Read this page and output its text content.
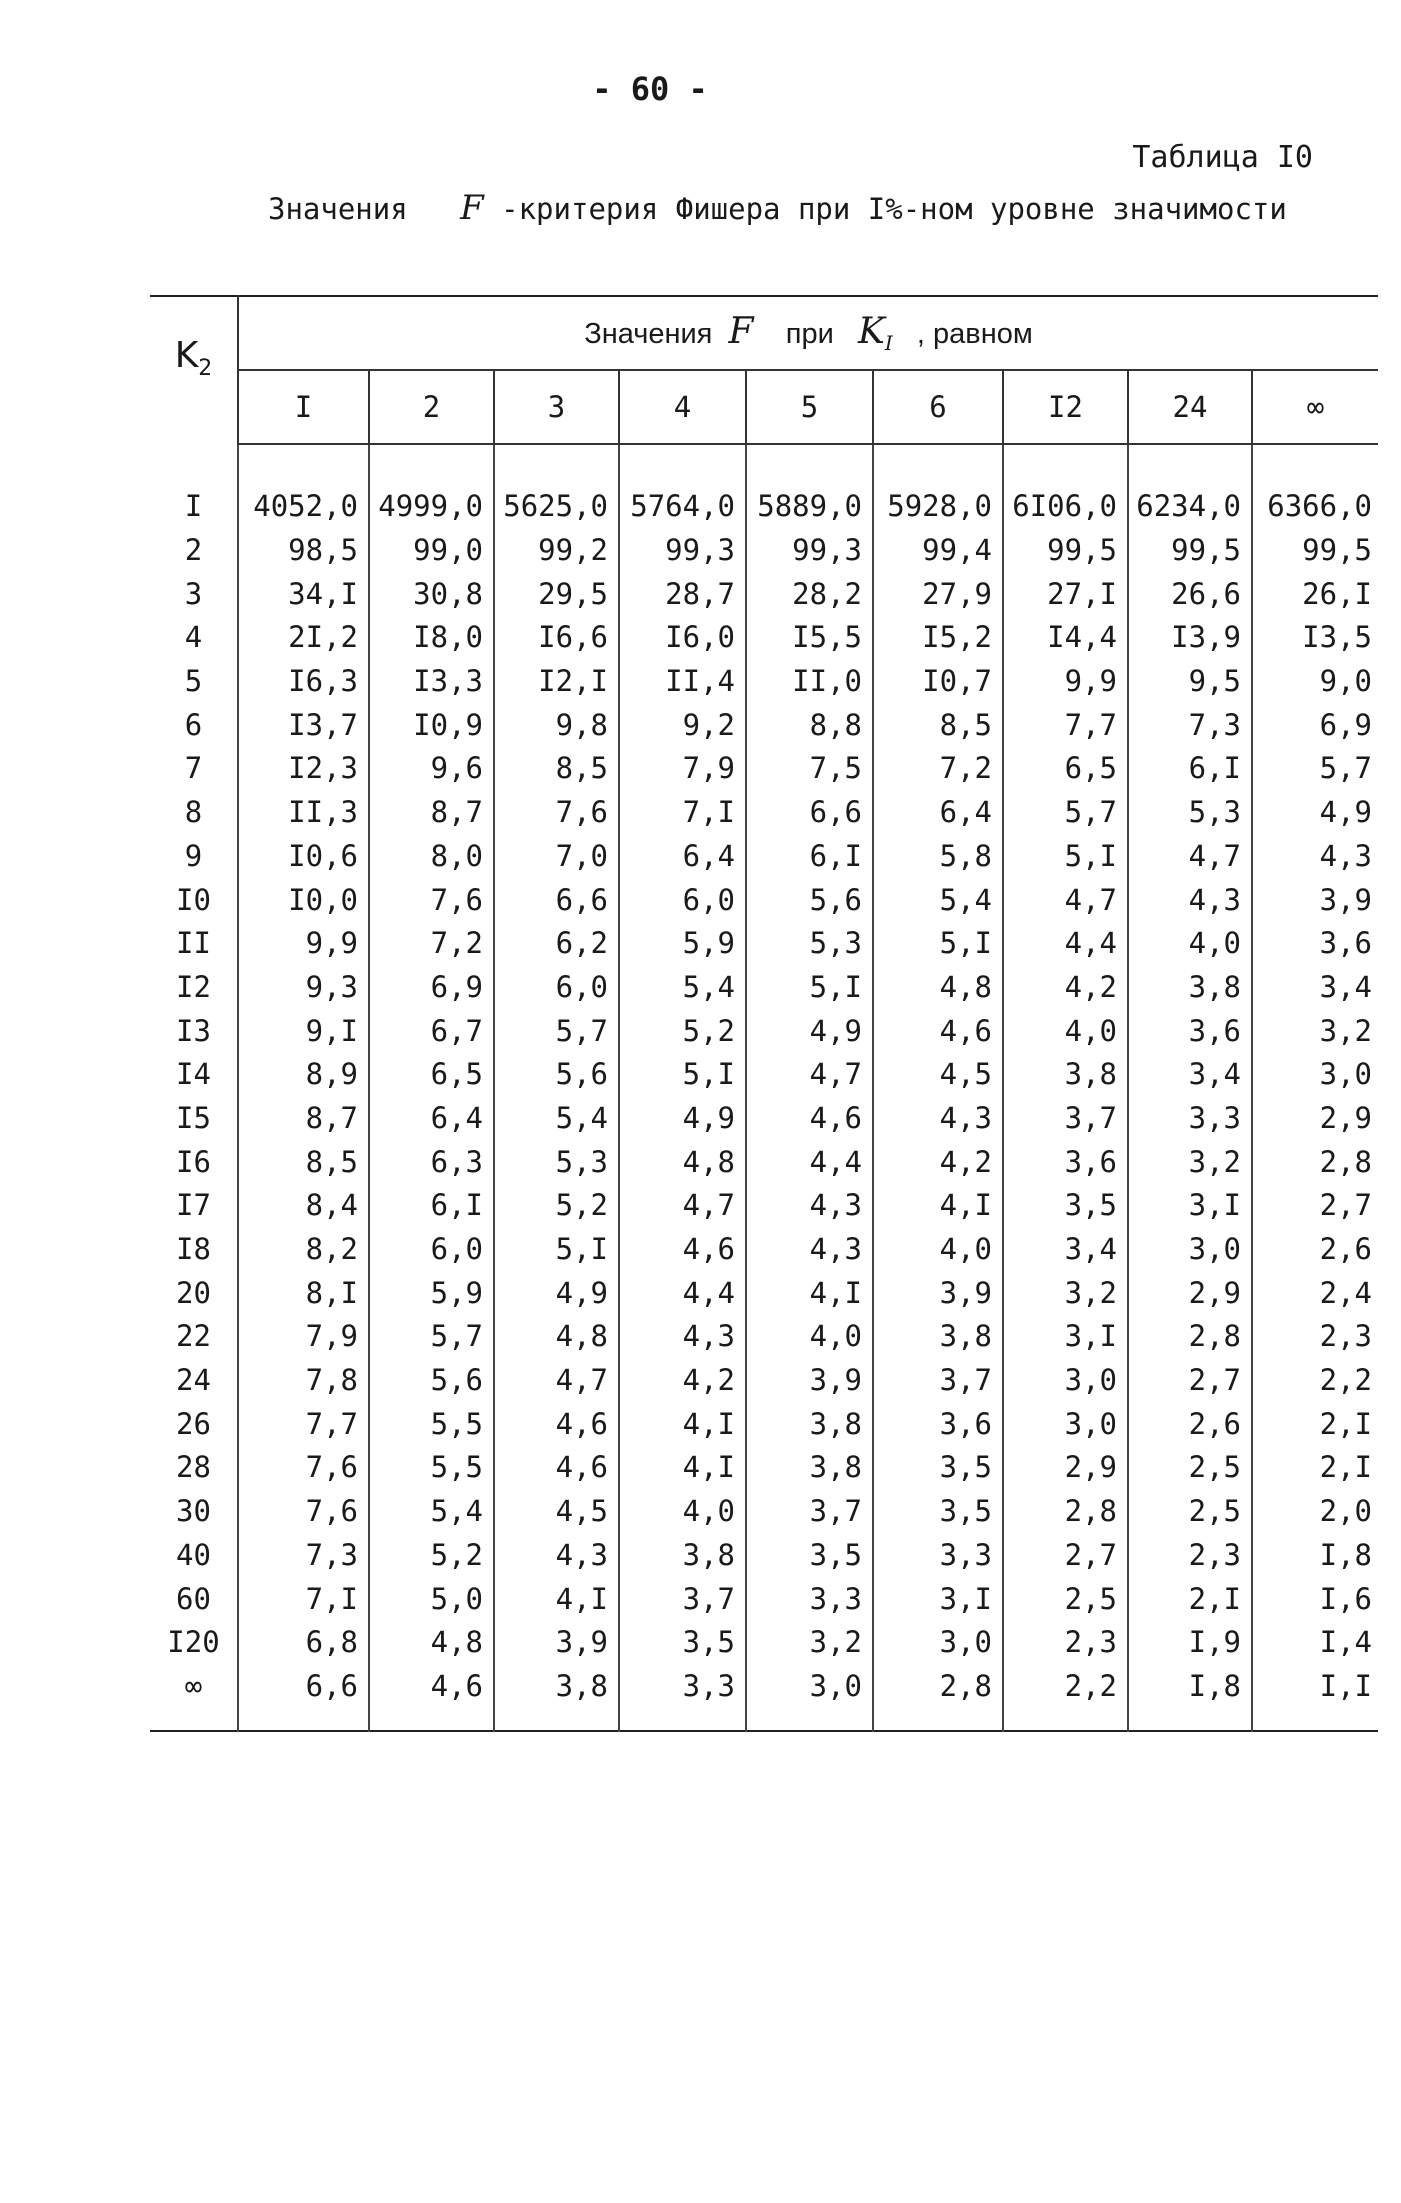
- 60 -
Таблица I0
Значения F -критерия Фишера при I%-ном уровне значимости
$K_2$	Значения F при $K_I$ , равном								
	I	2	3	4	5	6	I2	24	∞

I	4052,0	4999,0	5625,0	5764,0	5889,0	5928,0	6I06,0	6234,0	6366,0
2	98,5	99,0	99,2	99,3	99,3	99,4	99,5	99,5	99,5
3	34,I	30,8	29,5	28,7	28,2	27,9	27,I	26,6	26,I
4	2I,2	I8,0	I6,6	I6,0	I5,5	I5,2	I4,4	I3,9	I3,5
5	I6,3	I3,3	I2,I	II,4	II,0	I0,7	9,9	9,5	9,0
6	I3,7	I0,9	9,8	9,2	8,8	8,5	7,7	7,3	6,9
7	I2,3	9,6	8,5	7,9	7,5	7,2	6,5	6,I	5,7
8	II,3	8,7	7,6	7,I	6,6	6,4	5,7	5,3	4,9
9	I0,6	8,0	7,0	6,4	6,I	5,8	5,I	4,7	4,3
I0	I0,0	7,6	6,6	6,0	5,6	5,4	4,7	4,3	3,9
II	9,9	7,2	6,2	5,9	5,3	5,I	4,4	4,0	3,6
I2	9,3	6,9	6,0	5,4	5,I	4,8	4,2	3,8	3,4
I3	9,I	6,7	5,7	5,2	4,9	4,6	4,0	3,6	3,2
I4	8,9	6,5	5,6	5,I	4,7	4,5	3,8	3,4	3,0
I5	8,7	6,4	5,4	4,9	4,6	4,3	3,7	3,3	2,9
I6	8,5	6,3	5,3	4,8	4,4	4,2	3,6	3,2	2,8
I7	8,4	6,I	5,2	4,7	4,3	4,I	3,5	3,I	2,7
I8	8,2	6,0	5,I	4,6	4,3	4,0	3,4	3,0	2,6
20	8,I	5,9	4,9	4,4	4,I	3,9	3,2	2,9	2,4
22	7,9	5,7	4,8	4,3	4,0	3,8	3,I	2,8	2,3
24	7,8	5,6	4,7	4,2	3,9	3,7	3,0	2,7	2,2
26	7,7	5,5	4,6	4,I	3,8	3,6	3,0	2,6	2,I
28	7,6	5,5	4,6	4,I	3,8	3,5	2,9	2,5	2,I
30	7,6	5,4	4,5	4,0	3,7	3,5	2,8	2,5	2,0
40	7,3	5,2	4,3	3,8	3,5	3,3	2,7	2,3	I,8
60	7,I	5,0	4,I	3,7	3,3	3,I	2,5	2,I	I,6
I20	6,8	4,8	3,9	3,5	3,2	3,0	2,3	I,9	I,4
∞	6,6	4,6	3,8	3,3	3,0	2,8	2,2	I,8	I,I
